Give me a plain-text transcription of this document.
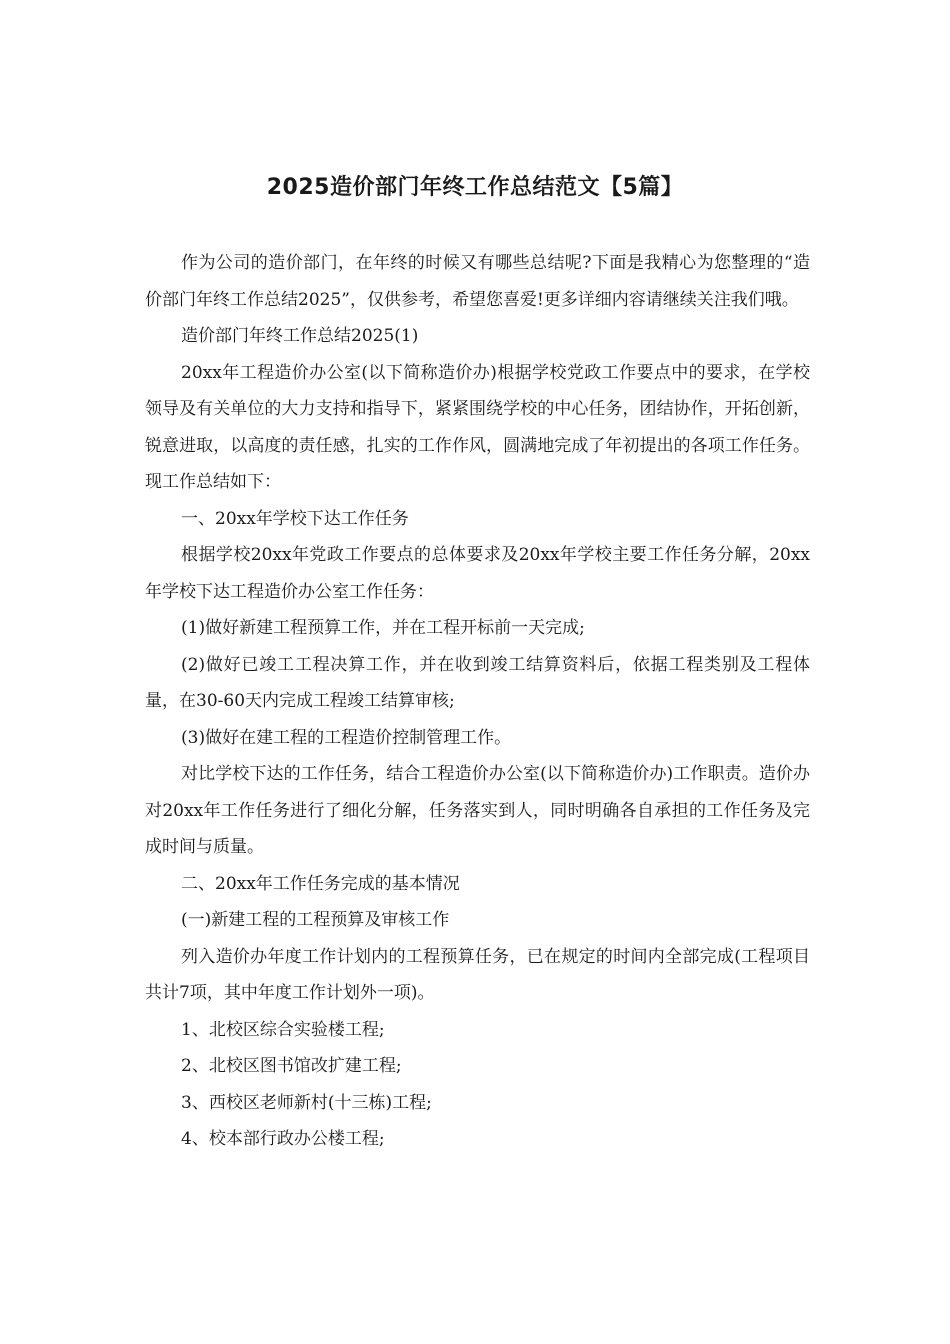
2025造价部门年终工作总结范文【5篇】

作为公司的造价部门，在年终的时候又有哪些总结呢?下面是我精心为您整理的“造价部门年终工作总结2025”，仅供参考，希望您喜爱!更多详细内容请继续关注我们哦。

造价部门年终工作总结2025(1)

20xx年工程造价办公室(以下简称造价办)根据学校党政工作要点中的要求，在学校领导及有关单位的大力支持和指导下，紧紧围绕学校的中心任务，团结协作，开拓创新，锐意进取，以高度的责任感，扎实的工作作风，圆满地完成了年初提出的各项工作任务。现工作总结如下：

一、20xx年学校下达工作任务

根据学校20xx年党政工作要点的总体要求及20xx年学校主要工作任务分解，20xx年学校下达工程造价办公室工作任务：

(1)做好新建工程预算工作，并在工程开标前一天完成;

(2)做好已竣工工程决算工作，并在收到竣工结算资料后，依据工程类别及工程体量，在30-60天内完成工程竣工结算审核;

(3)做好在建工程的工程造价控制管理工作。

对比学校下达的工作任务，结合工程造价办公室(以下简称造价办)工作职责。造价办对20xx年工作任务进行了细化分解，任务落实到人，同时明确各自承担的工作任务及完成时间与质量。

二、20xx年工作任务完成的基本情况

(一)新建工程的工程预算及审核工作

列入造价办年度工作计划内的工程预算任务，已在规定的时间内全部完成(工程项目共计7项，其中年度工作计划外一项)。

1、北校区综合实验楼工程;

2、北校区图书馆改扩建工程;

3、西校区老师新村(十三栋)工程;

4、校本部行政办公楼工程;
